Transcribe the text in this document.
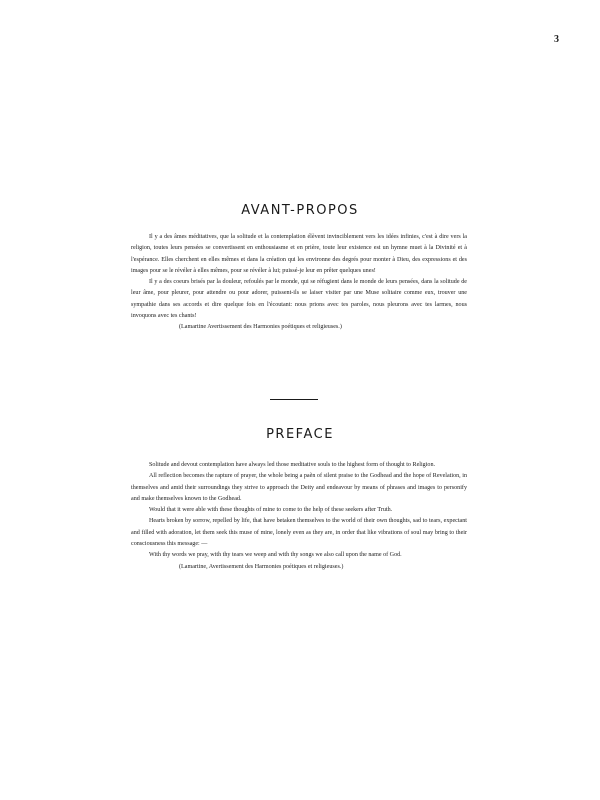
3
AVANT-PROPOS

Il y a des âmes méditatives, que la solitude et la contemplation élèvent invinciblement vers les idées infinies, c'est à dire vers la religion, toutes leurs pensées se convertissent en enthousiasme et en prière, toute leur existence est un hymne muet à la Divinité et à l'espérance. Elles cherchent en elles mêmes et dans la création qui les environne des degrés pour monter à Dieu, des expressions et des images pour se le révéler à elles mêmes, pour se révéler à lui; puissé-je leur en prêter quelques unes!

Il y a des coeurs brisés par la douleur, refoulés par le monde, qui se réfugient dans le monde de leurs pensées, dans la solitude de leur âme, pour pleurer, pour attendre ou pour adorer, puissent-ils se laiser visiter par une Muse solitaire comme eux, trouver une sympathie dans ses accords et dire quelque fois en l'écoutant: nous prions avec tes paroles, nous pleurons avec tes larmes, nous invoquons avec tes chants!

(Lamartine Avertissement des Harmonies poétiques et religieuses.)

PREFACE

Solitude and devout contemplation have always led those meditative souls to the highest form of thought to Religion.

All reflection becomes the rapture of prayer, the whole being a paẽn of silent praise to the Godhead and the hope of Revelation, in themselves and amid their surroundings they strive to approach the Deity and endeavour by means of phrases and images to personify and make themselves known to the Godhead.

Would that it were able with these thoughts of mine to come to the help of these seekers after Truth.

Hearts broken by sorrow, repelled by life, that have betaken themselves to the world of their own thoughts, sad to tears, expectant and filled with adoration, let them seek this muse of mine, lonely even as they are, in order that like vibrations of soul may bring to their consciousness this message: —

With thy words we pray, with thy tears we weep and with thy songs we also call upon the name of God.

(Lamartine, Avertissement des Harmonies poétiques et religieuses.)
